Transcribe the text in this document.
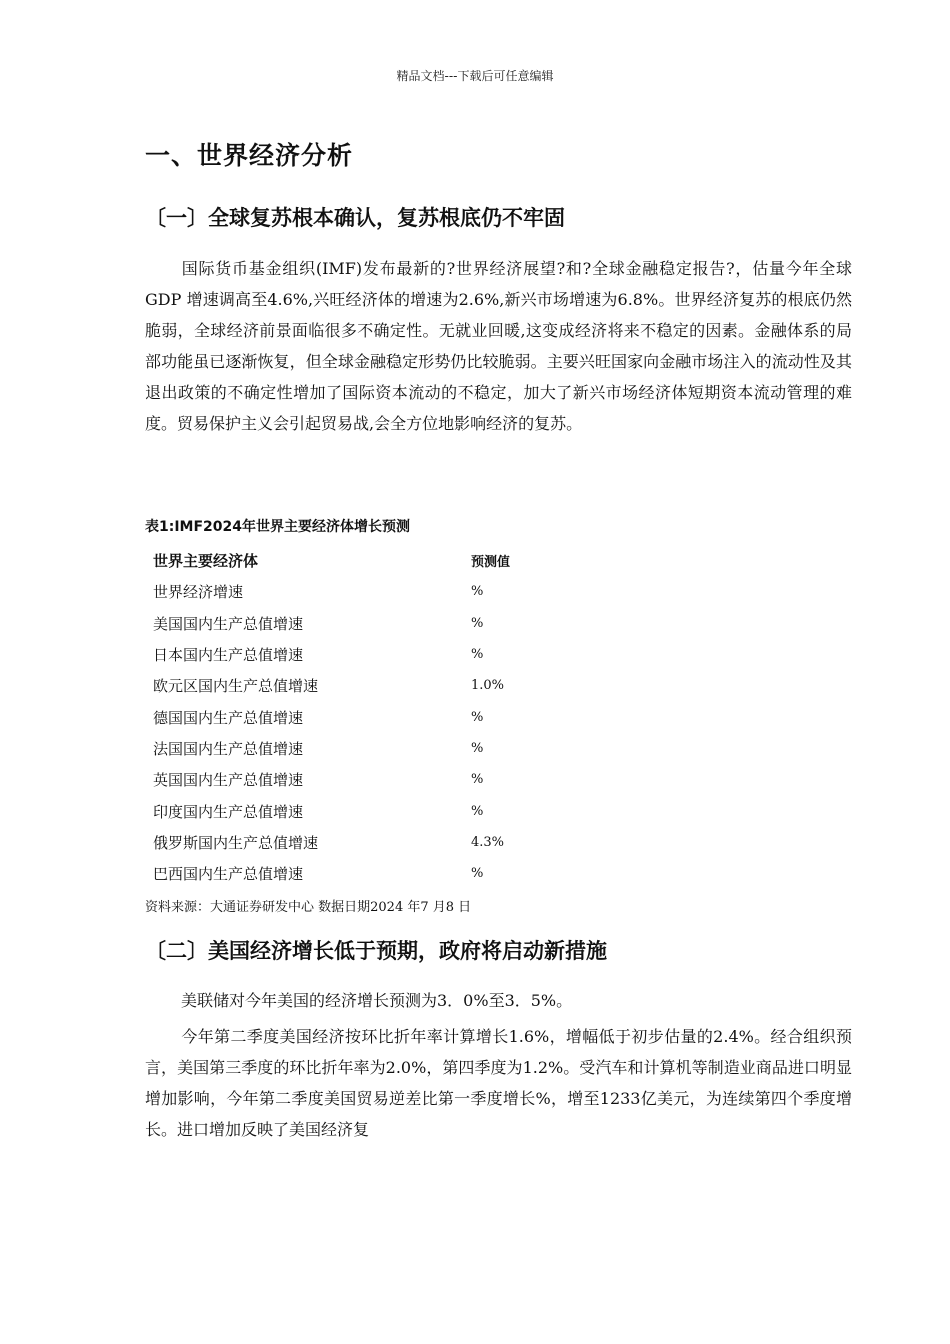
精品文档---下载后可任意编辑
一、世界经济分析
〔一〕全球复苏根本确认，复苏根底仍不牢固

国际货币基金组织(IMF)发布最新的?世界经济展望?和?全球金融稳定报告?，估量今年全球GDP 增速调高至4.6%,兴旺经济体的增速为2.6%,新兴市场增速为6.8%。世界经济复苏的根底仍然脆弱，全球经济前景面临很多不确定性。无就业回暖,这变成经济将来不稳定的因素。金融体系的局部功能虽已逐渐恢复，但全球金融稳定形势仍比较脆弱。主要兴旺国家向金融市场注入的流动性及其退出政策的不确定性增加了国际资本流动的不稳定，加大了新兴市场经济体短期资本流动管理的难度。贸易保护主义会引起贸易战,会全方位地影响经济的复苏。

表1:IMF2024年世界主要经济体增长预测
世界主要经济体	预测值
世界经济增速	%
美国国内生产总值增速	%
日本国内生产总值增速	%
欧元区国内生产总值增速	1.0%
德国国内生产总值增速	%
法国国内生产总值增速	%
英国国内生产总值增速	%
印度国内生产总值增速	%
俄罗斯国内生产总值增速	4.3%
巴西国内生产总值增速	%
资料来源：大通证券研发中心 数据日期2024 年7 月8 日
〔二〕美国经济增长低于预期，政府将启动新措施

美联储对今年美国的经济增长预测为3．0%至3．5%。

今年第二季度美国经济按环比折年率计算增长1.6%，增幅低于初步估量的2.4%。经合组织预言，美国第三季度的环比折年率为2.0%，第四季度为1.2%。受汽车和计算机等制造业商品进口明显增加影响，今年第二季度美国贸易逆差比第一季度增长%，增至1233亿美元，为连续第四个季度增长。进口增加反映了美国经济复
